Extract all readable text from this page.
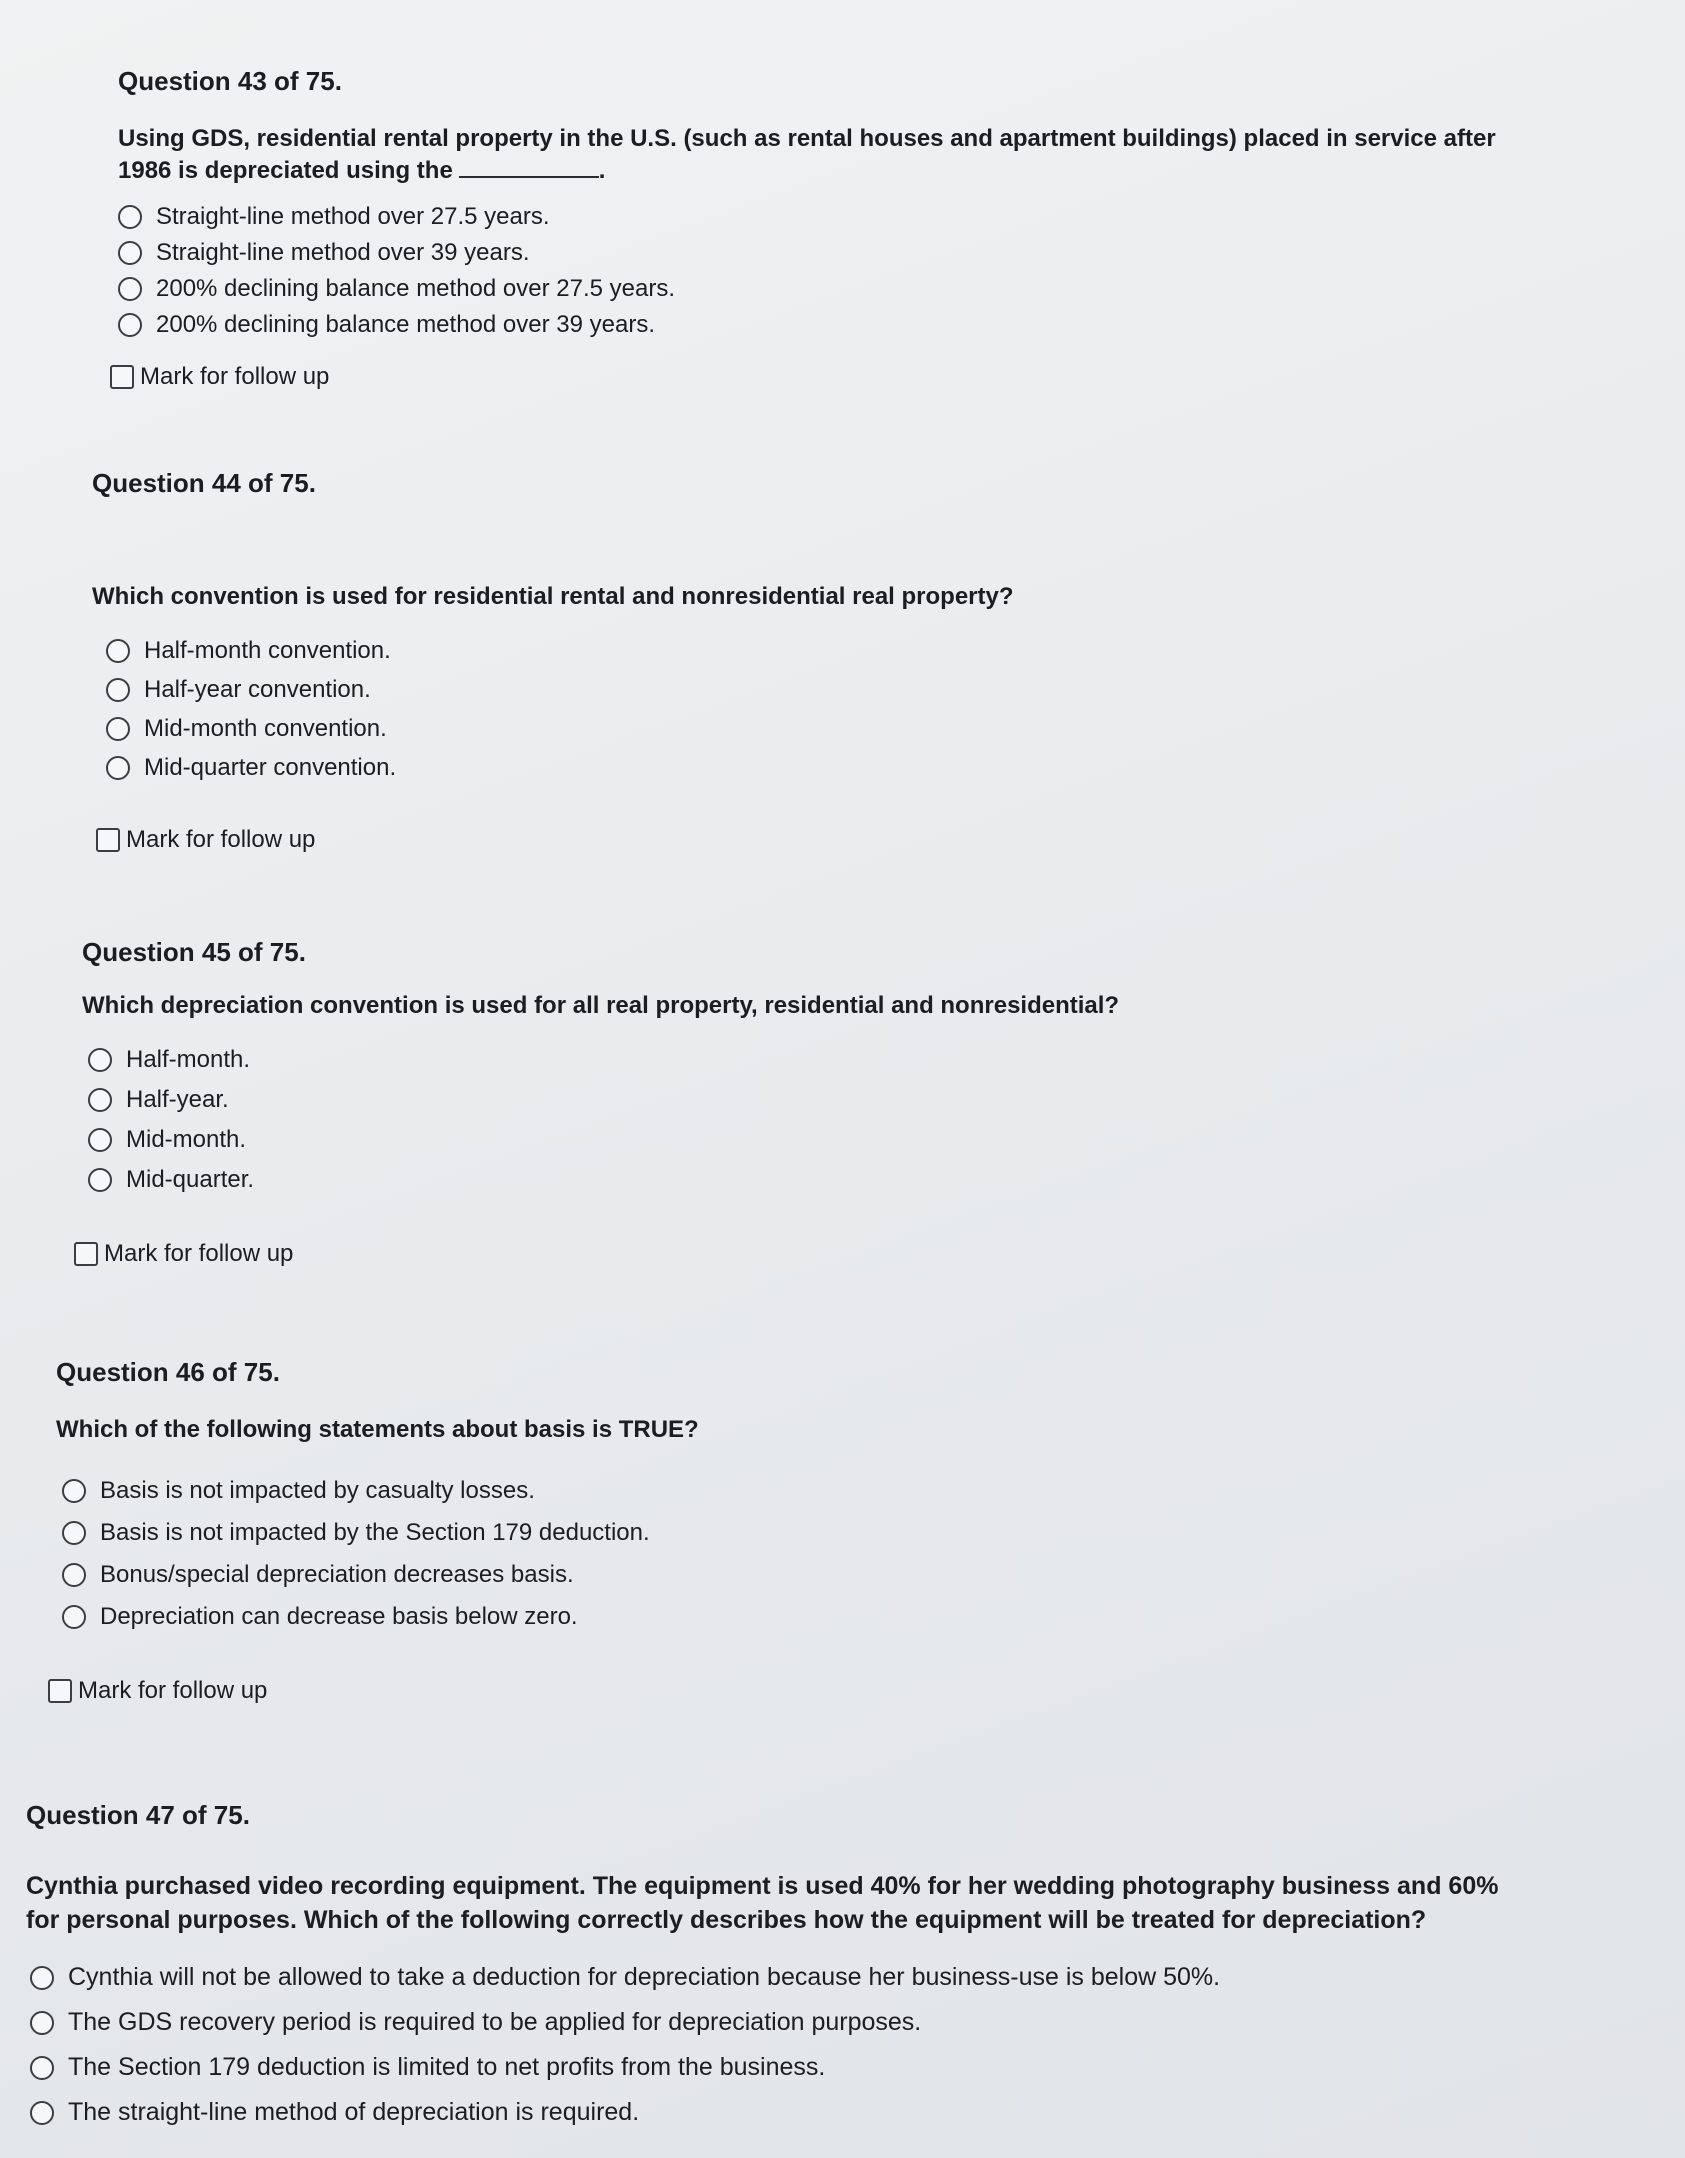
Question 43 of 75.

Using GDS, residential rental property in the U.S. (such as rental houses and apartment buildings) placed in service after
1986 is depreciated using the	.

Straight-line method over 27.5 years.
Straight-line method over 39 years.
200% declining balance method over 27.5 years.
200% declining balance method over 39 years.
Mark for follow up
Question 44 of 75.

Which convention is used for residential rental and nonresidential real property?

Half-month convention.
Half-year convention.
Mid-month convention.
Mid-quarter convention.
Mark for follow up
Question 45 of 75.

Which depreciation convention is used for all real property, residential and nonresidential?

Half-month.
Half-year.
Mid-month.
Mid-quarter.
Mark for follow up
Question 46 of 75.

Which of the following statements about basis is TRUE?

Basis is not impacted by casualty losses.
Basis is not impacted by the Section 179 deduction.
Bonus/special depreciation decreases basis.
Depreciation can decrease basis below zero.
Mark for follow up
Question 47 of 75.

Cynthia purchased video recording equipment. The equipment is used 40% for her wedding photography business and 60%
for personal purposes. Which of the following correctly describes how the equipment will be treated for depreciation?

Cynthia will not be allowed to take a deduction for depreciation because her business-use is below 50%.
The GDS recovery period is required to be applied for depreciation purposes.
The Section 179 deduction is limited to net profits from the business.
The straight-line method of depreciation is required.
